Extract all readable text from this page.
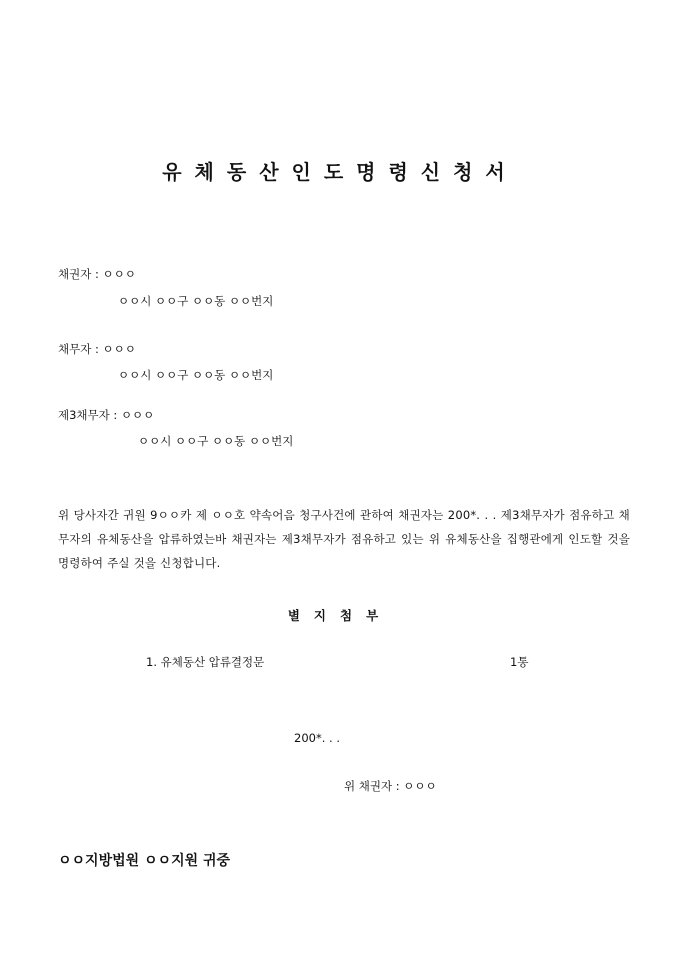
유체동산인도명령신청서
채권자 : ㅇㅇㅇ
ㅇㅇ시 ㅇㅇ구 ㅇㅇ동 ㅇㅇ번지
채무자 : ㅇㅇㅇ
ㅇㅇ시 ㅇㅇ구 ㅇㅇ동 ㅇㅇ번지
제3채무자 : ㅇㅇㅇ
ㅇㅇ시 ㅇㅇ구 ㅇㅇ동 ㅇㅇ번지
위 당사자간 귀원 9ㅇㅇ카 제 ㅇㅇ호 약속어음 청구사건에 관하여 채권자는 200*. . . 제3채무자가 점유하고 채무자의 유체동산을 압류하였는바 채권자는 제3채무자가 점유하고 있는 위 유체동산을 집행관에게 인도할 것을 명령하여 주실 것을 신청합니다.
별지첨부
1. 유체동산 압류결정문	1통
200*. . .
위 채권자 : ㅇㅇㅇ
ㅇㅇ지방법원 ㅇㅇ지원 귀중
